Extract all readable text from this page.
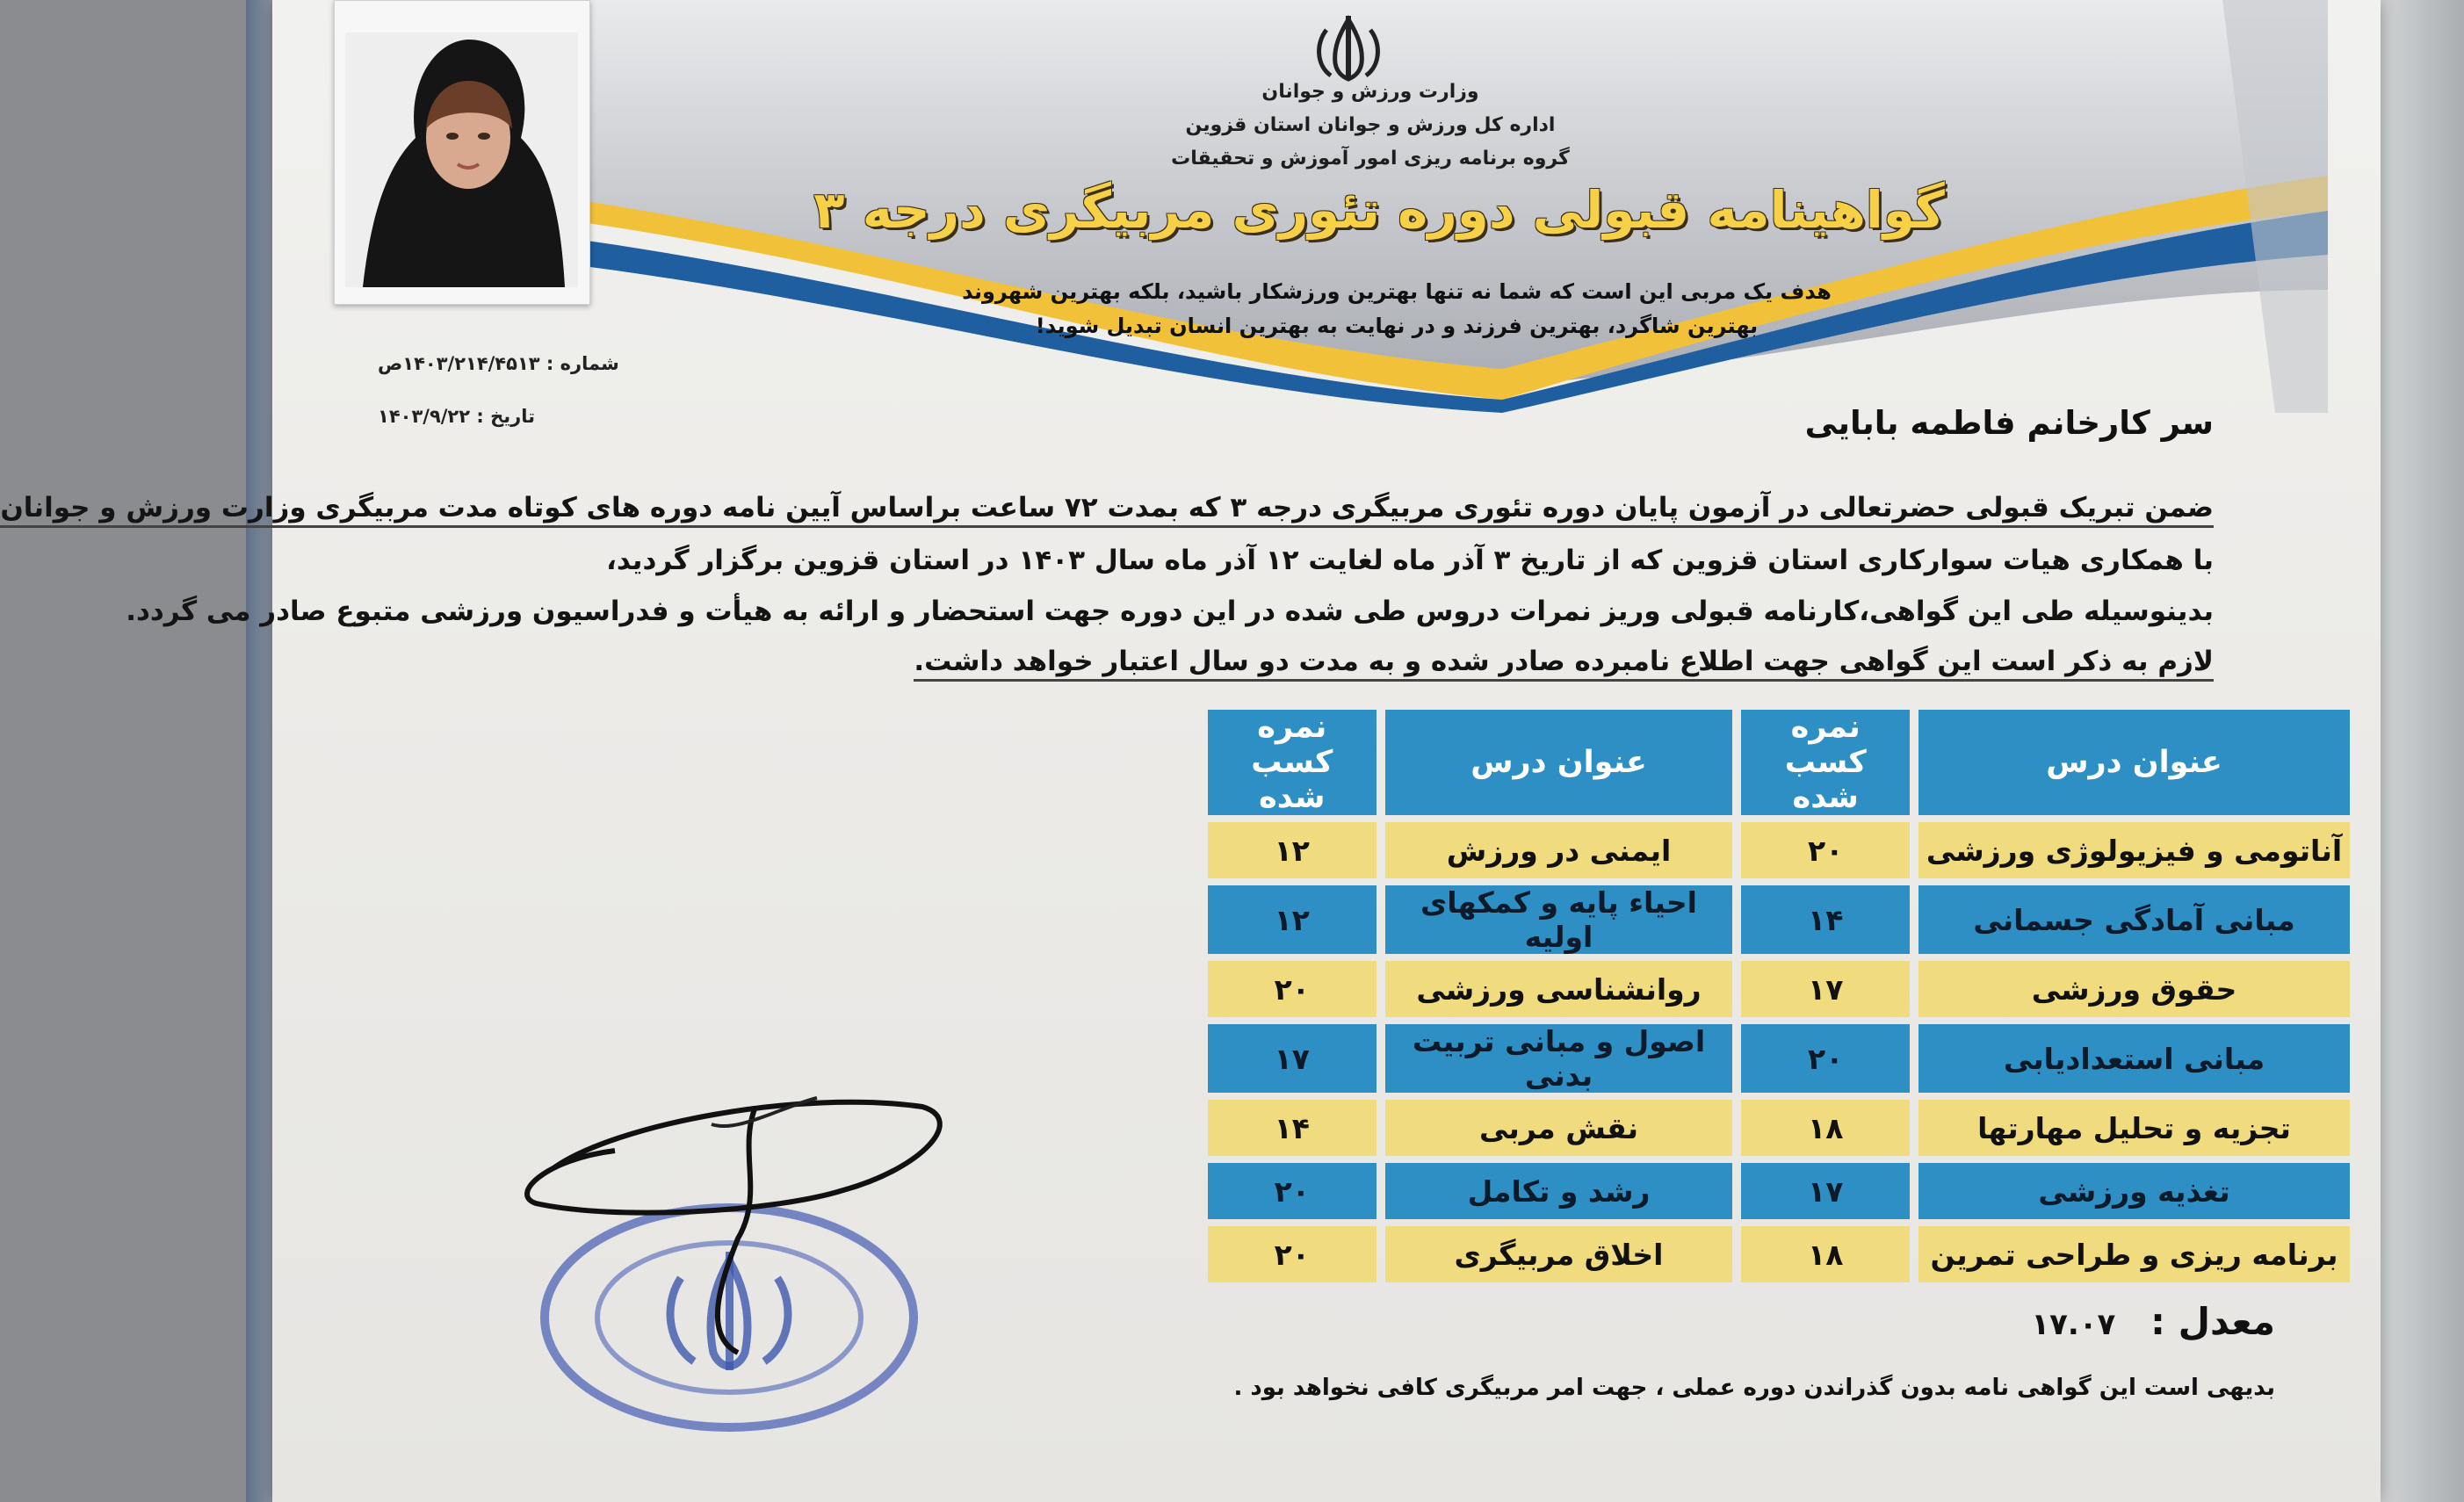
وزارت ورزش و جوانان
اداره کل ورزش و جوانان استان قزوین
گروه برنامه ریزی امور آموزش و تحقیقات
گواهینامه قبولی دوره تئوری مربیگری درجه ۳
هدف یک مربی این است که شما نه تنها بهترین ورزشکار باشید، بلکه بهترین شهروند
بهترین شاگرد، بهترین فرزند و در نهایت به بهترین انسان تبدیل شوید!
شماره : ۱۴۰۳/۲۱۴/۴۵۱۳ص
تاریخ : ۱۴۰۳/۹/۲۲	سر کارخانم فاطمه بابایی
ضمن تبریک قبولی حضرتعالی در آزمون پایان دوره تئوری مربیگری درجه ۳ که بمدت ۷۲ ساعت براساس آیین نامه دوره های کوتاه مدت مربیگری وزارت ورزش و جوانان
با همکاری هیات سوارکاری استان قزوین که از تاریخ ۳ آذر ماه لغایت ۱۲ آذر ماه سال ۱۴۰۳ در استان قزوین برگزار گردید،
بدینوسیله طی این گواهی،کارنامه قبولی وریز نمرات دروس طی شده در این دوره جهت استحضار و ارائه به هیأت و فدراسیون ورزشی متبوع صادر می گردد.
لازم به ذکر است این گواهی جهت اطلاع نامبرده صادر شده و به مدت دو سال اعتبار خواهد داشت.
عنوان درس	نمره کسب شده	عنوان درس	نمره کسب شده
آناتومی و فیزیولوژی ورزشی	۲۰	ایمنی در ورزش	۱۲
مبانی آمادگی جسمانی	۱۴	احیاء پایه و کمکهای اولیه	۱۲
حقوق ورزشی	۱۷	روانشناسی ورزشی	۲۰
مبانی استعدادیابی	۲۰	اصول و مبانی تربیت بدنی	۱۷
تجزیه و تحلیل مهارتها	۱۸	نقش مربی	۱۴
تغذیه ورزشی	۱۷	رشد و تکامل	۲۰
برنامه ریزی و طراحی تمرین	۱۸	اخلاق مربیگری	۲۰
معدل : ۱۷.۰۷
بدیهی است این گواهی نامه بدون گذراندن دوره عملی ، جهت امر مربیگری کافی نخواهد بود .
